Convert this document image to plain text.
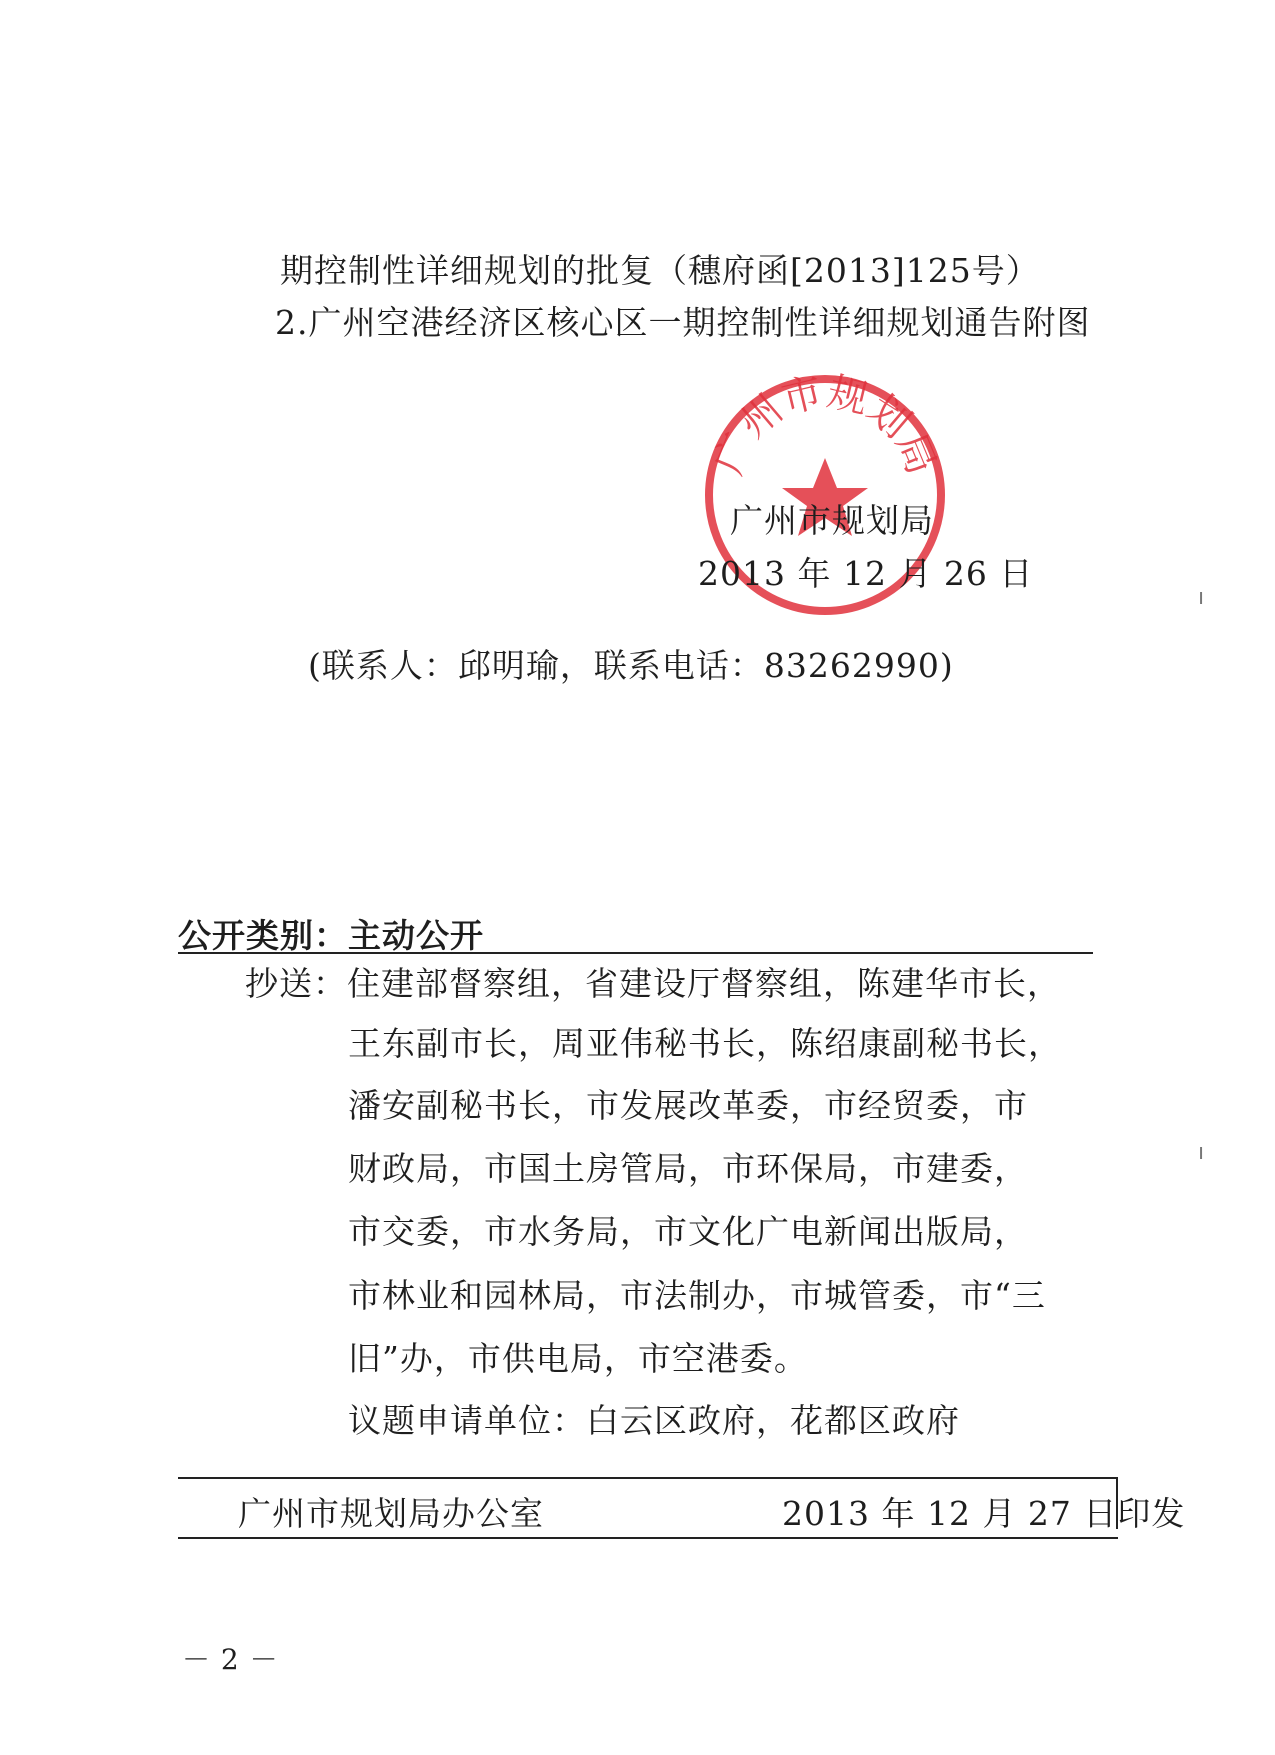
期控制性详细规划的批复（穗府函[2013]125号）
2.广州空港经济区核心区一期控制性详细规划通告附图
广州市规划局
广州市规划局
2013 年 12 月 26 日
(联系人：邱明瑜，联系电话：83262990)
公开类别：主动公开
抄送：住建部督察组，省建设厅督察组，陈建华市长，
王东副市长，周亚伟秘书长，陈绍康副秘书长，
潘安副秘书长，市发展改革委，市经贸委，市
财政局，市国土房管局，市环保局，市建委，
市交委，市水务局，市文化广电新闻出版局，
市林业和园林局，市法制办，市城管委，市“三
旧”办，市供电局，市空港委。
议题申请单位：白云区政府，花都区政府
广州市规划局办公室	2013 年 12 月 27 日印发
－ 2 －
ı
ı
